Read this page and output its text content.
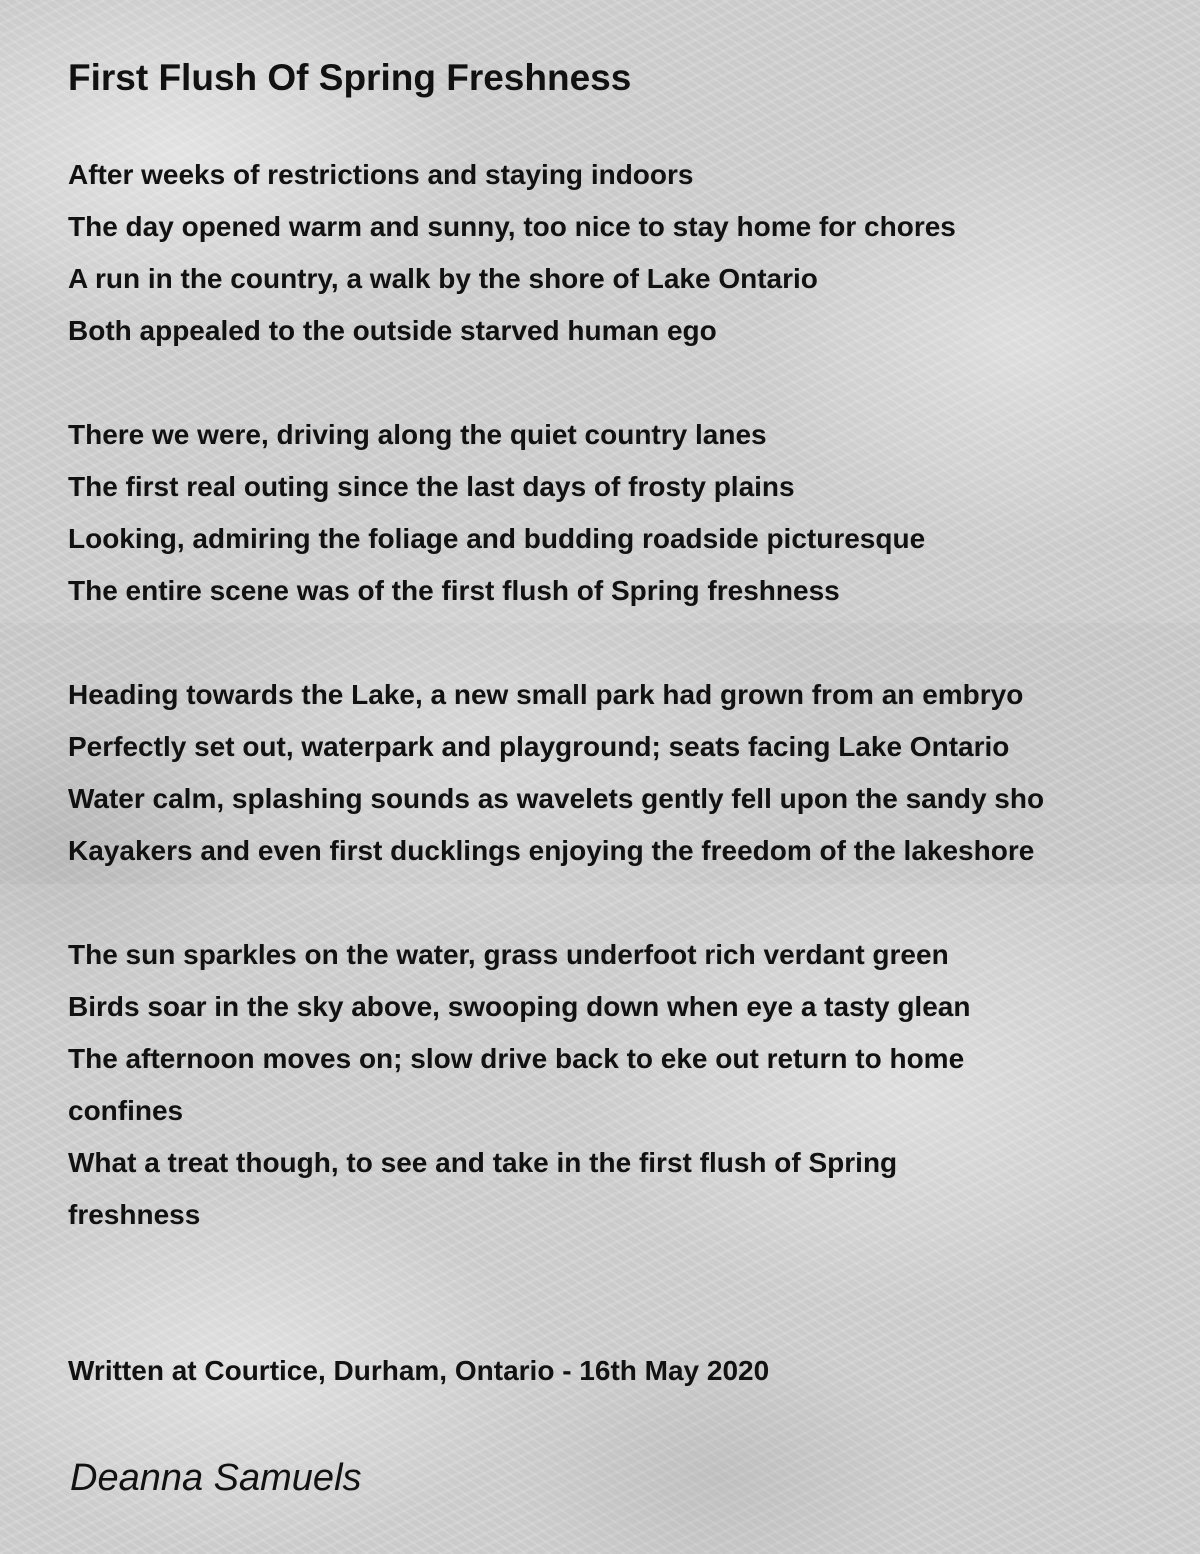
First Flush Of Spring Freshness
After weeks of restrictions and staying indoors
The day opened warm and sunny, too nice to stay home for chores
A run in the country, a walk by the shore of Lake Ontario
Both appealed to the outside starved human ego
There we were, driving along the quiet country lanes
The first real outing since the last days of frosty plains
Looking, admiring the foliage and budding roadside picturesque
The entire scene was of the first flush of Spring freshness
Heading towards the Lake, a new small park had grown from an embryo
Perfectly set out, waterpark and playground; seats facing Lake Ontario
Water calm, splashing sounds as wavelets gently fell upon the sandy sho
Kayakers and even first ducklings enjoying the freedom of the lakeshore
The sun sparkles on the water, grass underfoot rich verdant green
Birds soar in the sky above, swooping down when eye a tasty glean
The afternoon moves on; slow drive back to eke out return to home
confines
What a treat though, to see and take in the first flush of Spring
freshness
Written at Courtice, Durham, Ontario - 16th May 2020

Deanna Samuels
